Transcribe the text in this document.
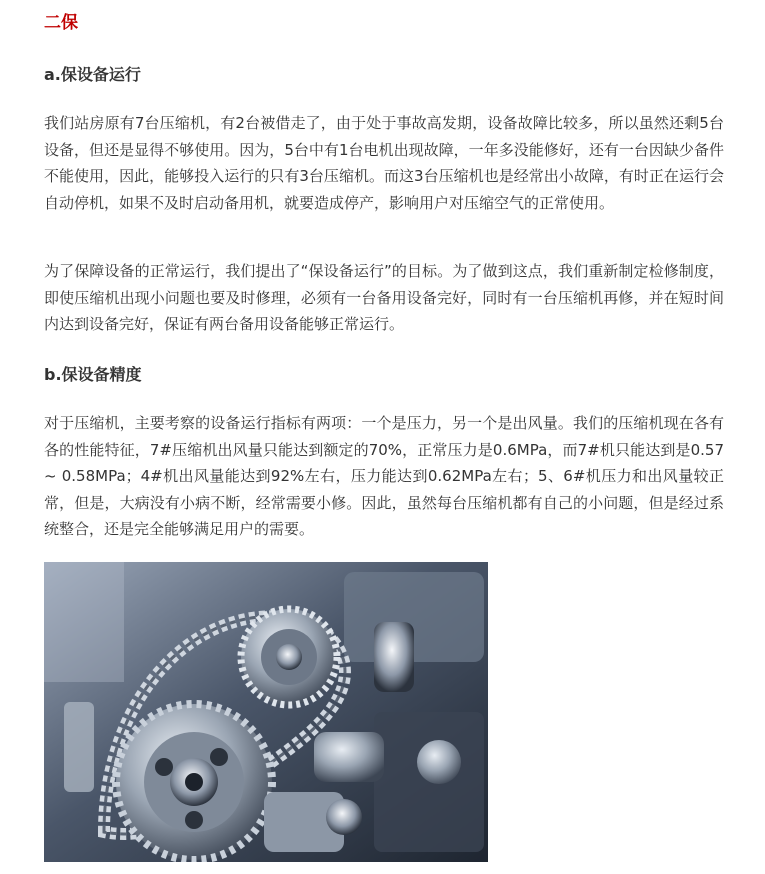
二保
a.保设备运行

我们站房原有7台压缩机，有2台被借走了，由于处于事故高发期，设备故障比较多，所以虽然还剩5台设备，但还是显得不够使用。因为，5台中有1台电机出现故障，一年多没能修好，还有一台因缺少备件不能使用，因此，能够投入运行的只有3台压缩机。而这3台压缩机也是经常出小故障，有时正在运行会自动停机，如果不及时启动备用机，就要造成停产，影响用户对压缩空气的正常使用。

为了保障设备的正常运行，我们提出了“保设备运行”的目标。为了做到这点，我们重新制定检修制度，即使压缩机出现小问题也要及时修理，必须有一台备用设备完好，同时有一台压缩机再修，并在短时间内达到设备完好，保证有两台备用设备能够正常运行。

b.保设备精度

对于压缩机，主要考察的设备运行指标有两项：一个是压力，另一个是出风量。我们的压缩机现在各有各的性能特征，7#压缩机出风量只能达到额定的70%，正常压力是0.6MPa，而7#机只能达到是0.57 ~ 0.58MPa；4#机出风量能达到92%左右，压力能达到0.62MPa左右；5、6#机压力和出风量较正常，但是，大病没有小病不断，经常需要小修。因此，虽然每台压缩机都有自己的小问题，但是经过系统整合，还是完全能够满足用户的需要。
